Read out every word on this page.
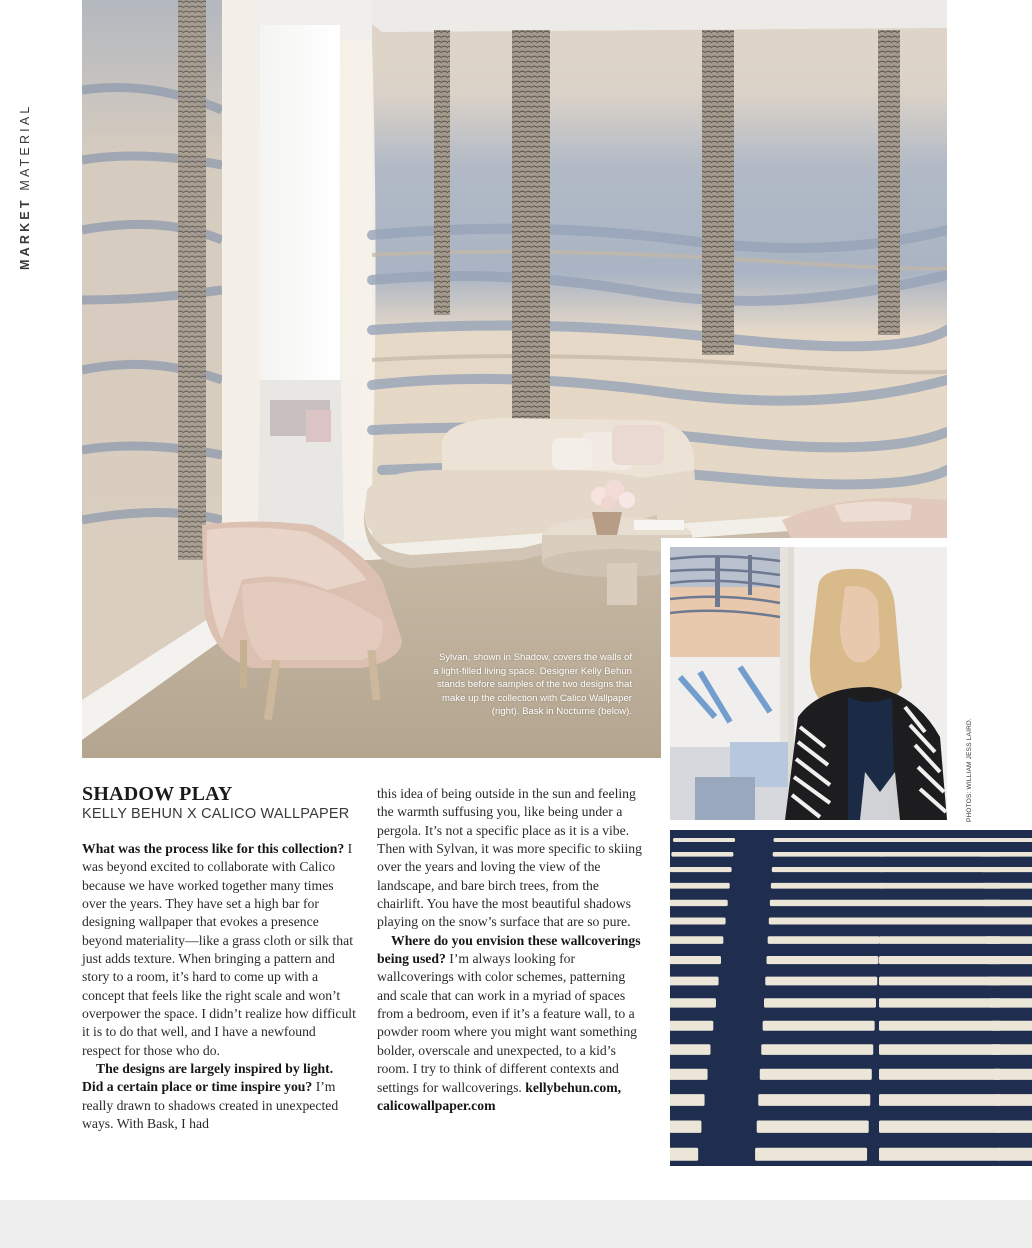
MARKET MATERIAL
Sylvan, shown in Shadow, covers the walls of a light-filled living space. Designer Kelly Behun stands before samples of the two designs that make up the collection with Calico Wallpaper (right). Bask in Nocturne (below).
PHOTOS: WILLIAM JESS LAIRD.
SHADOW PLAY
KELLY BEHUN X CALICO WALLPAPER

What was the process like for this collection? I was beyond excited to collaborate with Calico because we have worked together many times over the years. They have set a high bar for designing wallpaper that evokes a presence beyond materiality—like a grass cloth or silk that just adds texture. When bringing a pattern and story to a room, it’s hard to come up with a concept that feels like the right scale and won’t overpower the space. I didn’t realize how difficult it is to do that well, and I have a newfound respect for those who do.

The designs are largely inspired by light. Did a certain place or time inspire you? I’m really drawn to shadows created in unexpected ways. With Bask, I had

this idea of being outside in the sun and feeling the warmth suffusing you, like being under a pergola. It’s not a specific place as it is a vibe. Then with Sylvan, it was more specific to skiing over the years and loving the view of the landscape, and bare birch trees, from the chairlift. You have the most beautiful shadows playing on the snow’s surface that are so pure.

Where do you envision these wallcoverings being used? I’m always looking for wallcoverings with color schemes, patterning and scale that can work in a myriad of spaces from a bedroom, even if it’s a feature wall, to a powder room where you might want something bolder, overscale and unexpected, to a kid’s room. I try to think of different contexts and settings for wallcoverings. kellybehun.com, calicowallpaper.com
